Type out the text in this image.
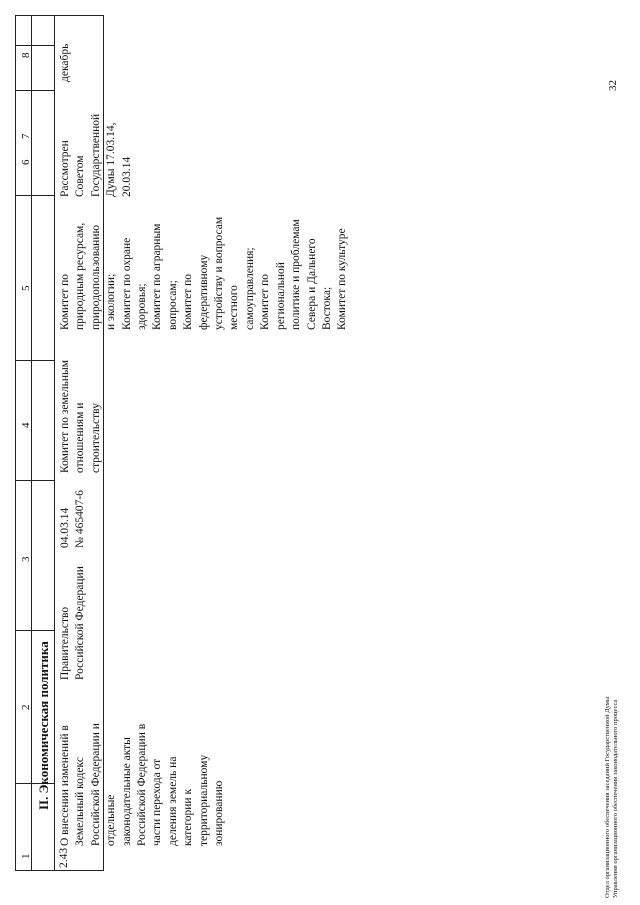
1
2
3
4
5
6
7
8
II. Экономическая политика
2.43
О внесении изменений в Земельный кодекс Российской Федерации и отдельные законодательные акты Российской Федерации в части перехода от деления земель на категории к территориальному зонированию
Правительство Российской Федерации
04.03.14 № 465407-6
Комитет по земельным отношениям и строительству
Комитет по природным ресурсам, природопользованию и экологии; Комитет по охране здоровья; Комитет по аграрным вопросам; Комитет по федеративному устройству и вопросам местного самоуправления; Комитет по региональной политике и проблемам Севера и Дальнего Востока; Комитет по культуре
Рассмотрен Советом Государственной Думы 17.03.14, 20.03.14
декабрь
Отдел организационного обеспечения заседаний Государственной Думы Управления организационного обеспечения законодательного процесса
32
